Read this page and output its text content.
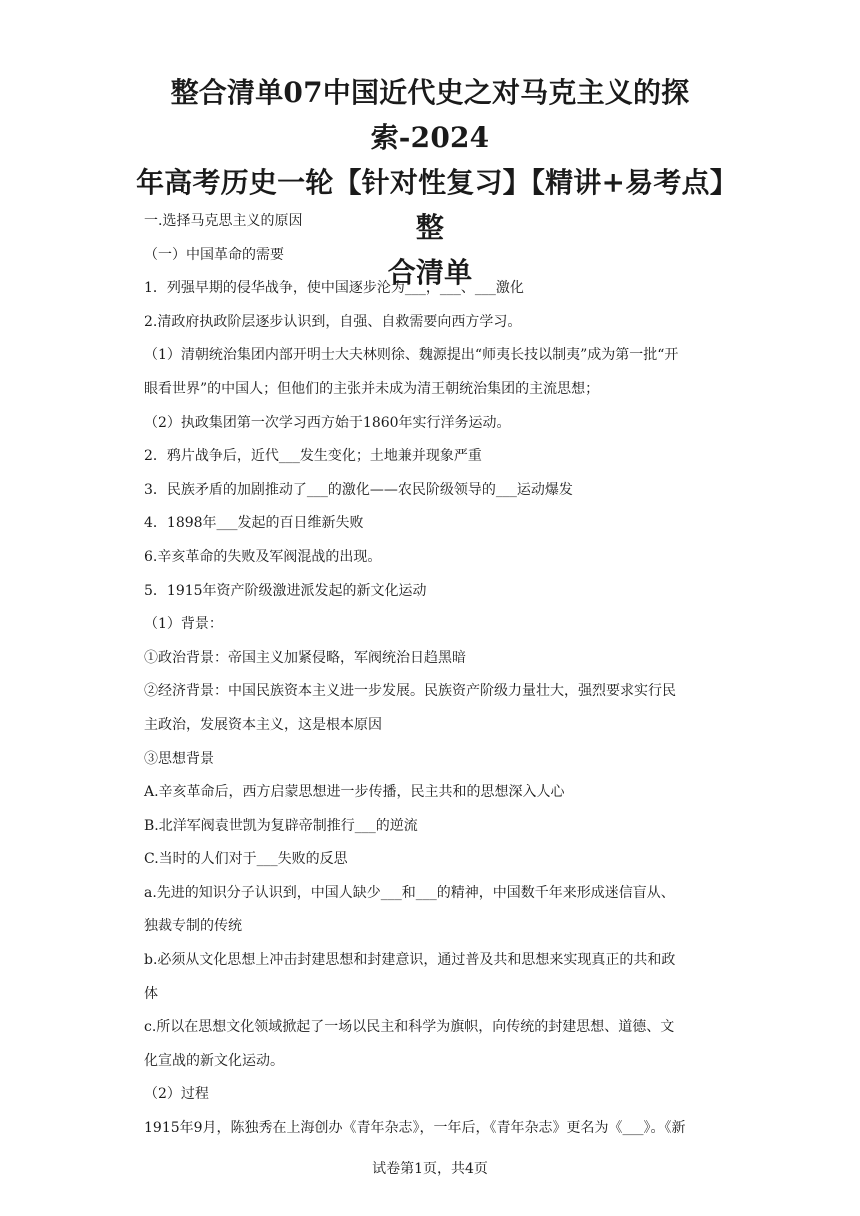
整合清单07中国近代史之对马克主义的探索-2024
年高考历史一轮【针对性复习】【精讲+易考点】整
合清单
一.选择马克思主义的原因
（一）中国革命的需要
1．列强早期的侵华战争，使中国逐步沦为___，___、___激化
2.清政府执政阶层逐步认识到，自强、自救需要向西方学习。
（1）清朝统治集团内部开明士大夫林则徐、魏源提出“师夷长技以制夷”成为第一批“开
眼看世界”的中国人；但他们的主张并未成为清王朝统治集团的主流思想；
（2）执政集团第一次学习西方始于1860年实行洋务运动。
2．鸦片战争后，近代___发生变化；土地兼并现象严重
3．民族矛盾的加剧推动了___的激化——农民阶级领导的___运动爆发
4．1898年___发起的百日维新失败
6.辛亥革命的失败及军阀混战的出现。
5．1915年资产阶级激进派发起的新文化运动
（1）背景：
①政治背景：帝国主义加紧侵略，军阀统治日趋黑暗
②经济背景：中国民族资本主义进一步发展。民族资产阶级力量壮大，强烈要求实行民
主政治，发展资本主义，这是根本原因
③思想背景
A.辛亥革命后，西方启蒙思想进一步传播，民主共和的思想深入人心
B.北洋军阀袁世凯为复辟帝制推行___的逆流
C.当时的人们对于___失败的反思
a.先进的知识分子认识到，中国人缺少___和___的精神，中国数千年来形成迷信盲从、
独裁专制的传统
b.必须从文化思想上冲击封建思想和封建意识，通过普及共和思想来实现真正的共和政
体
c.所以在思想文化领域掀起了一场以民主和科学为旗帜，向传统的封建思想、道德、文
化宣战的新文化运动。
（2）过程
1915年9月，陈独秀在上海创办《青年杂志》，一年后，《青年杂志》更名为《___》。《新
试卷第1页，共4页
